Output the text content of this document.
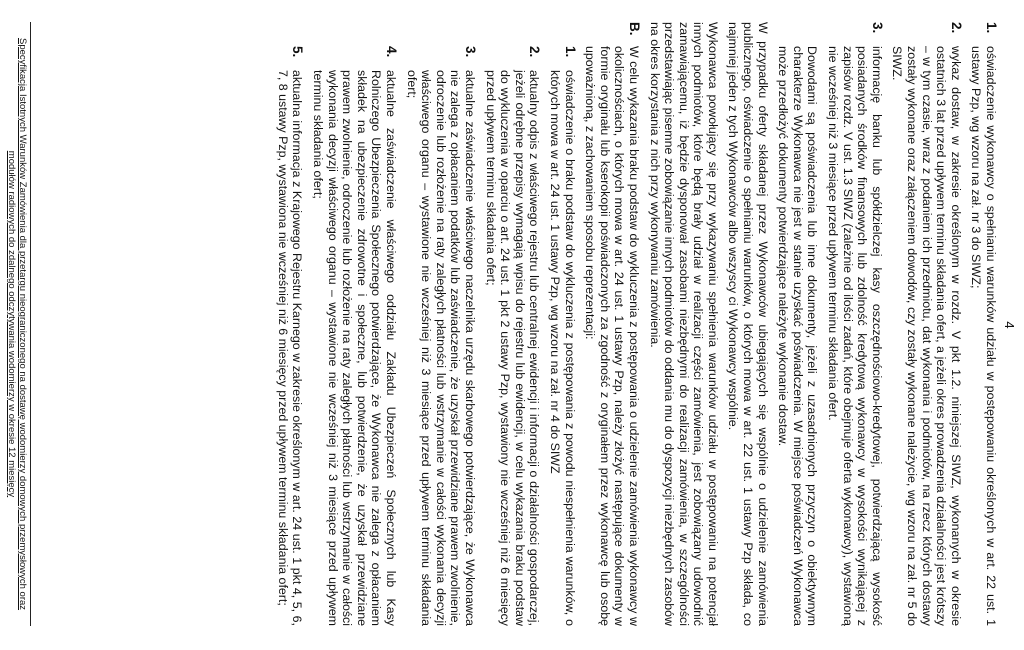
4
1.
oświadczenie wykonawcy o spełnianiu warunków udziału w postępowaniu określonych w art. 22 ust. 1 ustawy Pzp, wg wzoru na zał. nr 3 do SIWZ;
2.
wykaz dostaw, w zakresie określonym w rozdz. V pkt 1.2. niniejszej SIWZ, wykonanych w okresie ostatnich 3 lat przed upływem terminu składania ofert, a jeżeli okres prowadzenia działalności jest krótszy – w tym czasie, wraz z podaniem ich przedmiotu, dat wykonania i podmiotów, na rzecz których dostawy zostały wykonane oraz załączeniem dowodów, czy zostały wykonane należycie, wg wzoru na zał. nr 5 do SIWZ.
3.
informację banku lub spółdzielczej kasy oszczędnościowo-kredytowej, potwierdzającą wysokość posiadanych środków finansowych lub zdolność kredytową wykonawcy w wysokości wynikającej z zapisów rozdz. V ust. 1.3 SIWZ (zależnie od ilości zadań, które obejmuje oferta wykonawcy), wystawioną nie wcześniej niż 3 miesiące przed upływem terminu składania ofert.
Dowodami są poświadczenia lub inne dokumenty, jeżeli z uzasadnionych przyczyn o obiektywnym charakterze Wykonawca nie jest w stanie uzyskać poświadczenia. W miejsce poświadczeń Wykonawca może przedłożyć dokumenty potwierdzające należyte wykonanie dostaw.
W przypadku oferty składanej przez Wykonawców ubiegających się wspólnie o udzielenie zamówienia publicznego, oświadczenie o spełnianiu warunków, o których mowa w art. 22 ust. 1 ustawy Pzp składa, co najmniej jeden z tych Wykonawców albo wszyscy ci Wykonawcy wspólnie.
Wykonawca powołujący się przy wykazywaniu spełnienia warunków udziału w postępowaniu na potencjał innych podmiotów, które będą brały udział w realizacji części zamówienia, jest zobowiązany udowodnić zamawiającemu, iż będzie dysponował zasobami niezbędnymi do realizacji zamówienia, w szczególności przedstawiając pisemne zobowiązanie innych podmiotów do oddania mu do dyspozycji niezbędnych zasobów na okres korzystania z nich przy wykonywaniu zamówienia.
B.
W celu wykazania braku podstaw do wykluczenia z postępowania o udzielenie zamówienia wykonawcy w okolicznościach, o których mowa w art. 24 ust. 1 ustawy Pzp, należy złożyć następujące dokumenty w formie oryginału lub kserokopii poświadczonych za zgodność z oryginałem przez wykonawcę lub osobę upoważnioną, z zachowaniem sposobu reprezentacji:
1.
oświadczenie o braku podstaw do wykluczenia z postępowania z powodu niespełnienia warunków, o których mowa w art. 24 ust. 1 ustawy Pzp, wg wzoru na zał. nr 4 do SIWZ
2.
aktualny odpis z właściwego rejestru lub centralnej ewidencji i informacji o działalności gospodarczej, jeżeli odrębne przepisy wymagają wpisu do rejestru lub ewidencji, w celu wykazania braku podstaw do wykluczenia w oparciu o art. 24 ust. 1 pkt 2 ustawy Pzp, wystawiony nie wcześniej niż 6 miesięcy przed upływem terminu składania ofert;
3.
aktualne zaświadczenie właściwego naczelnika urzędu skarbowego potwierdzające, że Wykonawca nie zalega z opłacaniem podatków lub zaświadczenie, że uzyskał przewidziane prawem zwolnienie, odroczenie lub rozłożenie na raty zaległych płatności lub wstrzymanie w całości wykonania decyzji właściwego organu – wystawione nie wcześniej niż 3 miesiące przed upływem terminu składania ofert;
4.
aktualne zaświadczenie właściwego oddziału Zakładu Ubezpieczeń Społecznych lub Kasy Rolniczego Ubezpieczenia Społecznego potwierdzające, że Wykonawca nie zalega z opłacaniem składek na ubezpieczenie zdrowotne i społeczne, lub potwierdzenie, że uzyskał przewidziane prawem zwolnienie, odroczenie lub rozłożenie na raty zaległych płatności lub wstrzymanie w całości wykonania decyzji właściwego organu – wystawione nie wcześniej niż 3 miesiące przed upływem terminu składania ofert;
5.
aktualna informacja z Krajowego Rejestru Karnego w zakresie określonym w art. 24 ust. 1 pkt 4, 5, 6, 7, 8 ustawy Pzp, wystawiona nie wcześniej niż 6 miesięcy przed upływem terminu składania ofert;
Specyfikacja Istotnych Warunków Zamówienia dla przetargu nieograniczonego na dostawę wodomierzy domowych przemysłowych oraz modułów radiowych do zdalnego odczytywania wodomierzy w okresie 12 miesięcy
